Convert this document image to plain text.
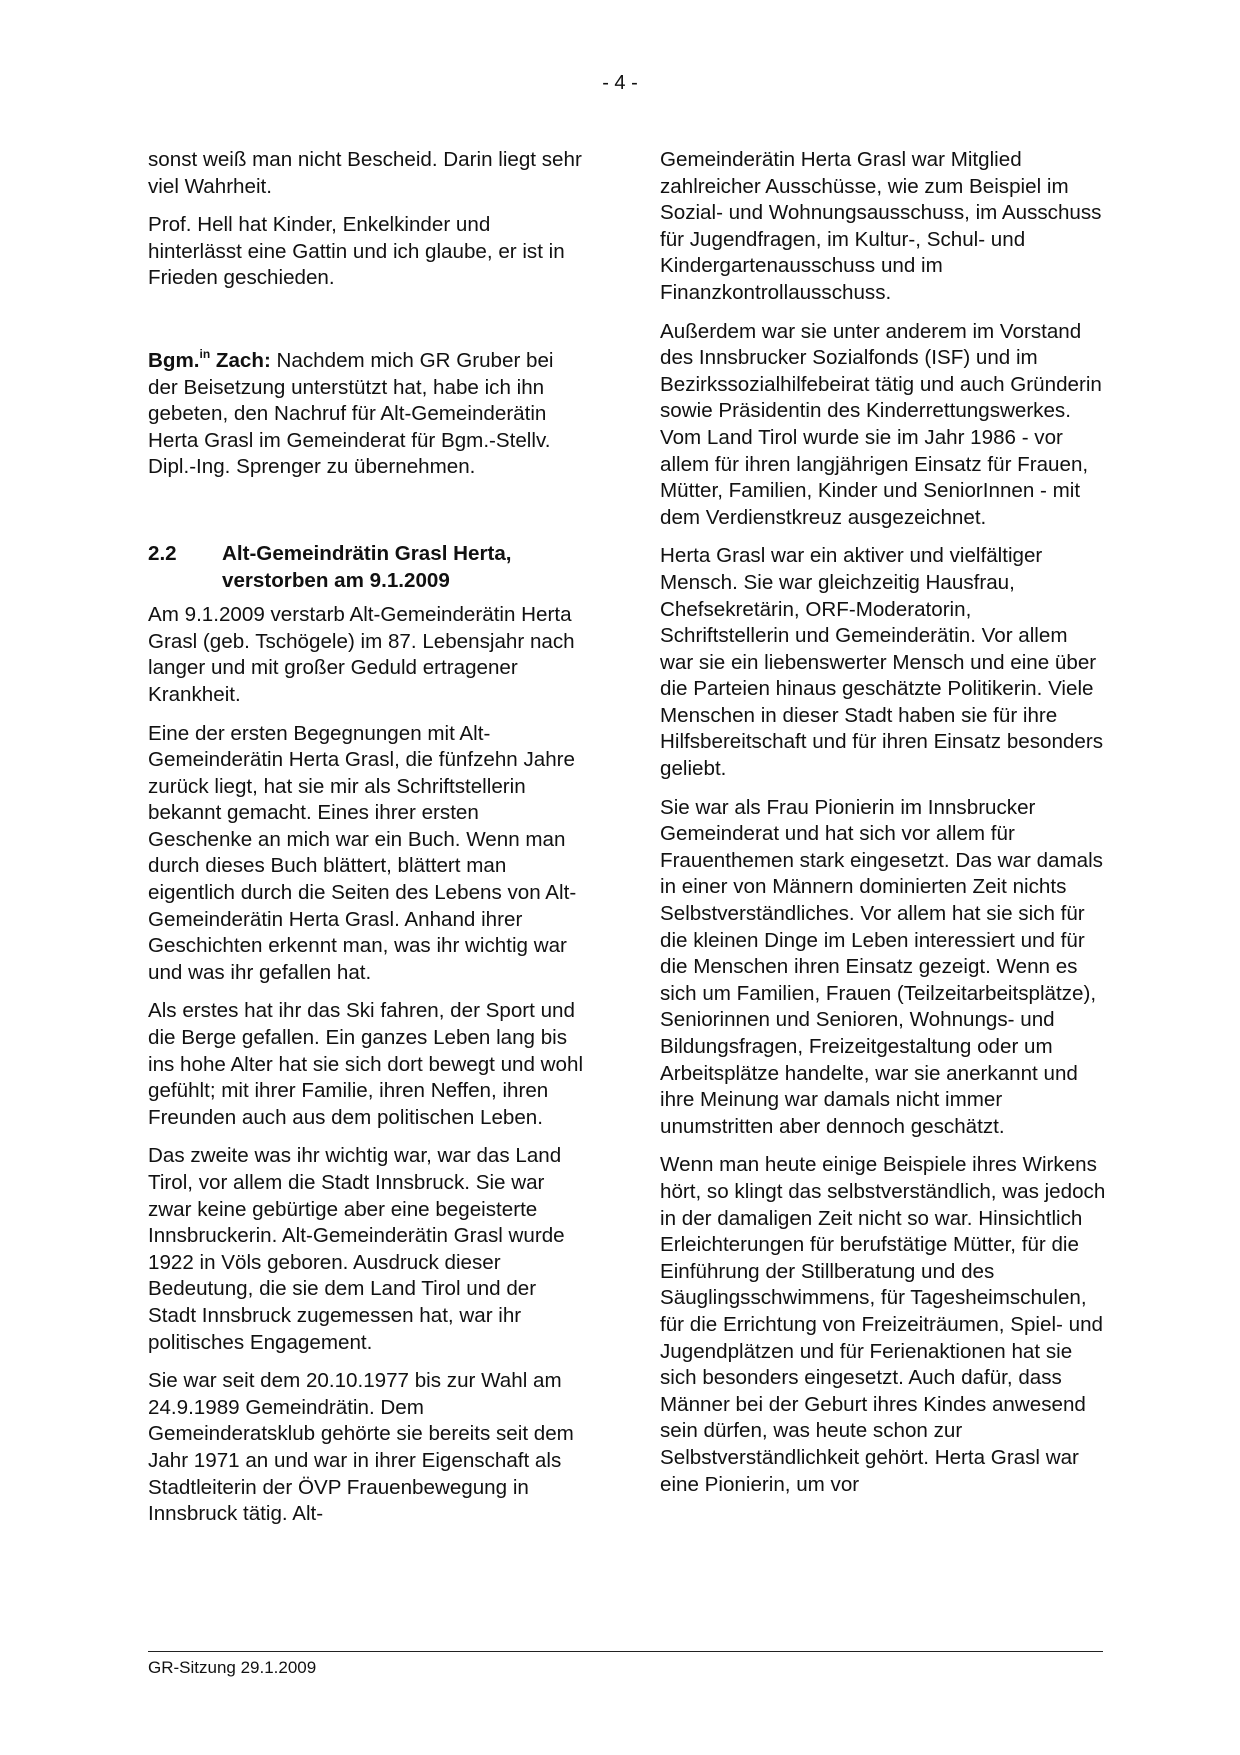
- 4 -

sonst weiß man nicht Bescheid. Darin liegt sehr viel Wahrheit.

Prof. Hell hat Kinder, Enkelkinder und hinterlässt eine Gattin und ich glaube, er ist in Frieden geschieden.

Bgm.$^{in}$ Zach: Nachdem mich GR Gruber bei der Beisetzung unterstützt hat, habe ich ihn gebeten, den Nachruf für Alt-Gemeinderätin Herta Grasl im Gemeinderat für Bgm.-Stellv. Dipl.-Ing. Sprenger zu übernehmen.

2.2	Alt-Gemeindrätin Grasl Herta, verstorben am 9.1.2009

Am 9.1.2009 verstarb Alt-Gemeinderätin Herta Grasl (geb. Tschögele) im 87. Lebensjahr nach langer und mit großer Geduld ertragener Krankheit.

Eine der ersten Begegnungen mit Alt-Gemeinderätin Herta Grasl, die fünfzehn Jahre zurück liegt, hat sie mir als Schriftstellerin bekannt gemacht. Eines ihrer ersten Geschenke an mich war ein Buch. Wenn man durch dieses Buch blättert, blättert man eigentlich durch die Seiten des Lebens von Alt-Gemeinderätin Herta Grasl. Anhand ihrer Geschichten erkennt man, was ihr wichtig war und was ihr gefallen hat.

Als erstes hat ihr das Ski fahren, der Sport und die Berge gefallen. Ein ganzes Leben lang bis ins hohe Alter hat sie sich dort bewegt und wohl gefühlt; mit ihrer Familie, ihren Neffen, ihren Freunden auch aus dem politischen Leben.

Das zweite was ihr wichtig war, war das Land Tirol, vor allem die Stadt Innsbruck. Sie war zwar keine gebürtige aber eine begeisterte Innsbruckerin. Alt-Gemeinderätin Grasl wurde 1922 in Völs geboren. Ausdruck dieser Bedeutung, die sie dem Land Tirol und der Stadt Innsbruck zugemessen hat, war ihr politisches Engagement.

Sie war seit dem 20.10.1977 bis zur Wahl am 24.9.1989 Gemeindrätin. Dem Gemeinderatsklub gehörte sie bereits seit dem Jahr 1971 an und war in ihrer Eigenschaft als Stadtleiterin der ÖVP Frauenbewegung in Innsbruck tätig. Alt-

Gemeinderätin Herta Grasl war Mitglied zahlreicher Ausschüsse, wie zum Beispiel im Sozial- und Wohnungsausschuss, im Ausschuss für Jugendfragen, im Kultur-, Schul- und Kindergartenausschuss und im Finanzkontrollausschuss.

Außerdem war sie unter anderem im Vorstand des Innsbrucker Sozialfonds (ISF) und im Bezirkssozialhilfebeirat tätig und auch Gründerin sowie Präsidentin des Kinderrettungswerkes. Vom Land Tirol wurde sie im Jahr 1986 - vor allem für ihren langjährigen Einsatz für Frauen, Mütter, Familien, Kinder und SeniorInnen - mit dem Verdienstkreuz ausgezeichnet.

Herta Grasl war ein aktiver und vielfältiger Mensch. Sie war gleichzeitig Hausfrau, Chefsekretärin, ORF-Moderatorin, Schriftstellerin und Gemeinderätin. Vor allem war sie ein liebenswerter Mensch und eine über die Parteien hinaus geschätzte Politikerin. Viele Menschen in dieser Stadt haben sie für ihre Hilfsbereitschaft und für ihren Einsatz besonders geliebt.

Sie war als Frau Pionierin im Innsbrucker Gemeinderat und hat sich vor allem für Frauenthemen stark eingesetzt. Das war damals in einer von Männern dominierten Zeit nichts Selbstverständliches. Vor allem hat sie sich für die kleinen Dinge im Leben interessiert und für die Menschen ihren Einsatz gezeigt. Wenn es sich um Familien, Frauen (Teilzeitarbeitsplätze), Seniorinnen und Senioren, Wohnungs- und Bildungsfragen, Freizeitgestaltung oder um Arbeitsplätze handelte, war sie anerkannt und ihre Meinung war damals nicht immer unumstritten aber dennoch geschätzt.

Wenn man heute einige Beispiele ihres Wirkens hört, so klingt das selbstverständlich, was jedoch in der damaligen Zeit nicht so war. Hinsichtlich Erleichterungen für berufstätige Mütter, für die Einführung der Stillberatung und des Säuglingsschwimmens, für Tagesheimschulen, für die Errichtung von Freizeiträumen, Spiel- und Jugendplätzen und für Ferienaktionen hat sie sich besonders eingesetzt. Auch dafür, dass Männer bei der Geburt ihres Kindes anwesend sein dürfen, was heute schon zur Selbstverständlichkeit gehört. Herta Grasl war eine Pionierin, um vor

GR-Sitzung 29.1.2009
